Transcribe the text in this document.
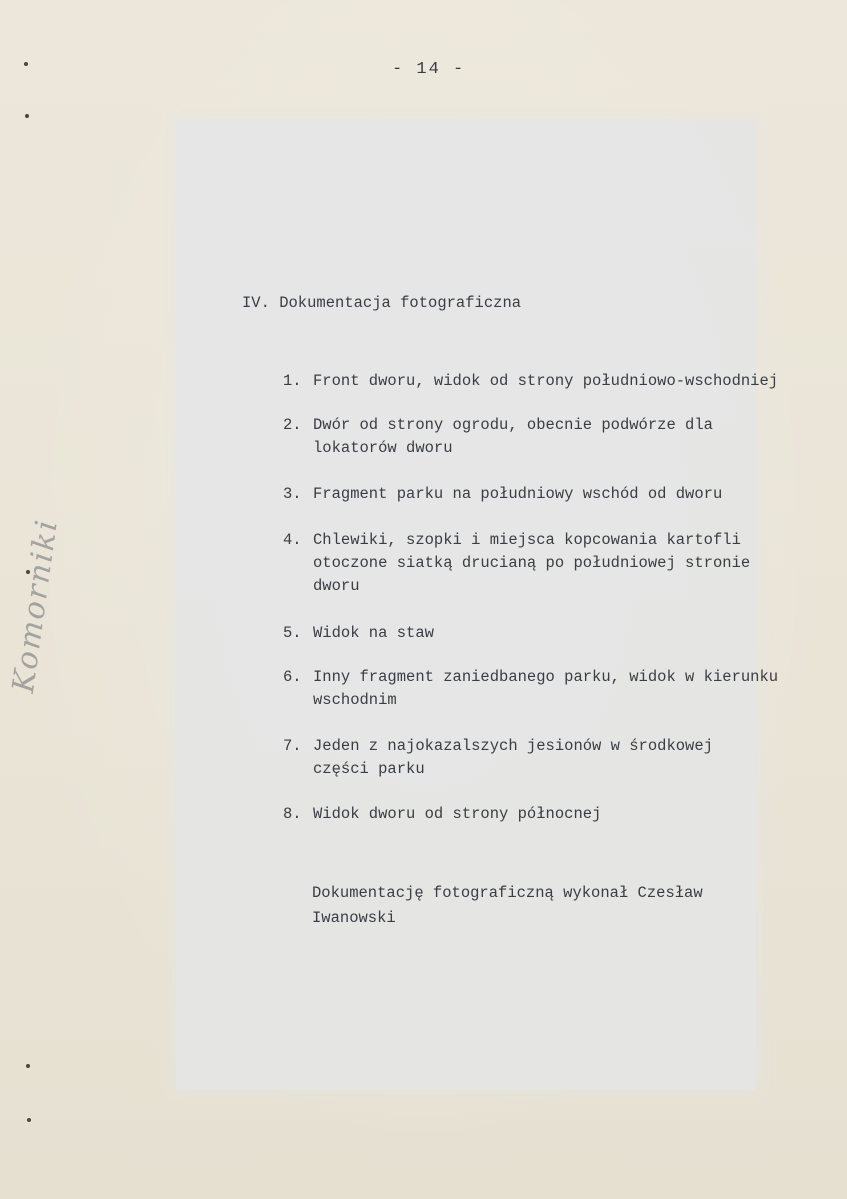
Komorniki
- 14 -
IV. Dokumentacja fotograficzna
1. Front dworu, widok od strony południowo-wschodniej
2. Dwór od strony ogrodu, obecnie podwórze dla
lokatorów dworu
3. Fragment parku na południowy wschód od dworu
4. Chlewiki, szopki i miejsca kopcowania kartofli
otoczone siatką drucianą po południowej stronie
dworu
5. Widok na staw
6. Inny fragment zaniedbanego parku, widok w kierunku
wschodnim
7. Jeden z najokazalszych jesionów w środkowej
części parku
8. Widok dworu od strony północnej
Dokumentację fotograficzną wykonał Czesław
Iwanowski
